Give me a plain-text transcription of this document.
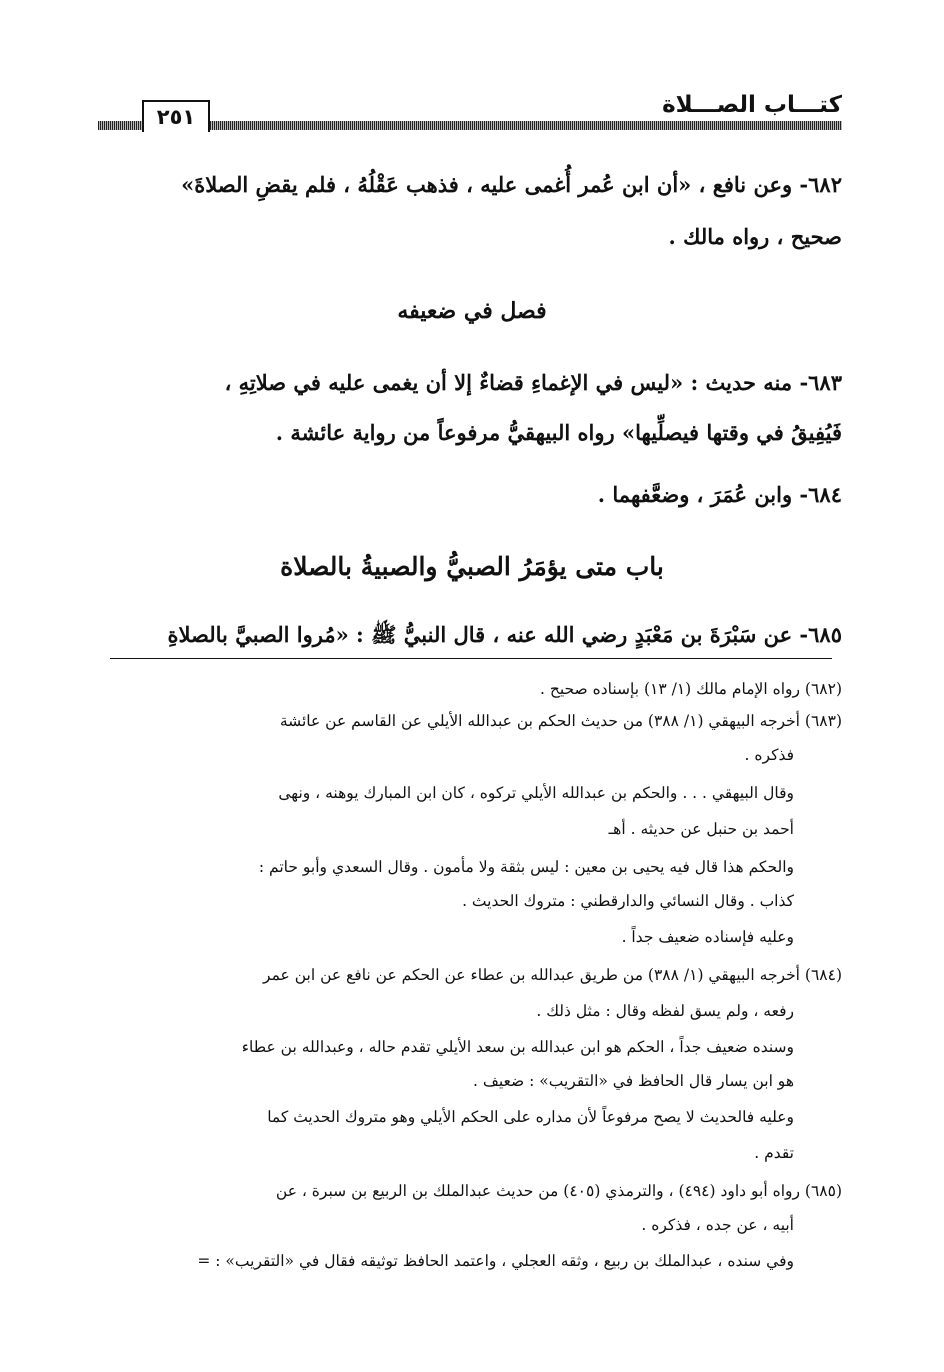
كتـــاب الصـــلاة
٢٥١
٦٨٢- وعن نافع ، «أن ابن عُمر أُغمى عليه ، فذهب عَقْلُهُ ، فلم يقضِ الصلاةَ»
صحيح ، رواه مالك .
فصل في ضعيفه
٦٨٣- منه حديث : «ليس في الإغماءِ قضاءٌ إلا أن يغمى عليه في صلاتِهِ ،
فَيُفِيقُ في وقتها فيصلِّيها» رواه البيهقيُّ مرفوعاً من رواية عائشة .
٦٨٤- وابن عُمَرَ ، وضعَّفهما .
باب متى يؤمَرُ الصبيُّ والصبيةُ بالصلاة
٦٨٥- عن سَبْرَةَ بن مَعْبَدٍ رضي الله عنه ، قال النبيُّ ﷺ : «مُروا الصبيَّ بالصلاةِ
(٦٨٢) رواه الإمام مالك (١/ ١٣) بإسناده صحيح .
(٦٨٣) أخرجه البيهقي (١/ ٣٨٨) من حديث الحكم بن عبدالله الأيلي عن القاسم عن عائشة
فذكره .
وقال البيهقي . . . والحكم بن عبدالله الأيلي تركوه ، كان ابن المبارك يوهنه ، ونهى
أحمد بن حنبل عن حديثه . أهـ
والحكم هذا قال فيه يحيى بن معين : ليس بثقة ولا مأمون . وقال السعدي وأبو حاتم :
كذاب . وقال النسائي والدارقطني : متروك الحديث .
وعليه فإسناده ضعيف جداً .
(٦٨٤) أخرجه البيهقي (١/ ٣٨٨) من طريق عبدالله بن عطاء عن الحكم عن نافع عن ابن عمر
رفعه ، ولم يسق لفظه وقال : مثل ذلك .
وسنده ضعيف جداً ، الحكم هو ابن عبدالله بن سعد الأيلي تقدم حاله ، وعبدالله بن عطاء
هو ابن يسار قال الحافظ في «التقريب» : ضعيف .
وعليه فالحديث لا يصح مرفوعاً لأن مداره على الحكم الأيلي وهو متروك الحديث كما
تقدم .
(٦٨٥) رواه أبو داود (٤٩٤) ، والترمذي (٤٠٥) من حديث عبدالملك بن الربيع بن سبرة ، عن
أبيه ، عن جده ، فذكره .
وفي سنده ، عبدالملك بن ربيع ، وثقه العجلي ، واعتمد الحافظ توثيقه فقال في «التقريب» : =
